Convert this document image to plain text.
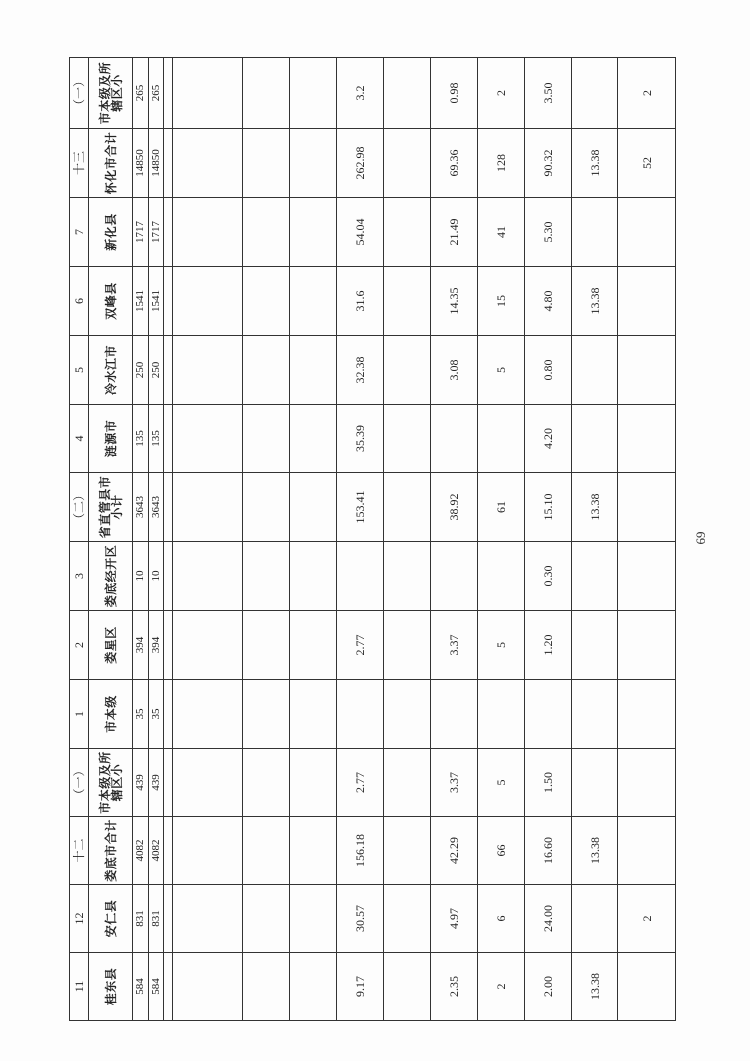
11	12	十二	（一）	1	2	3	（二）	4	5	6	7	十三	（一）
桂东县	安仁县	娄底市合计	市本级及所辖区小	市本级	娄星区	娄底经开区	省直管县市小计	涟源市	冷水江市	双峰县	新化县	怀化市合计	市本级及所辖区小
584	831	4082	439	35	394	10	3643	135	250	1541	1717	14850	265
584	831	4082	439	35	394	10	3643	135	250	1541	1717	14850	265

9.17	30.57	156.18	2.77		2.77		153.41	35.39	32.38	31.6	54.04	262.98	3.2

2.35	4.97	42.29	3.37		3.37		38.92		3.08	14.35	21.49	69.36	0.98
2	6	66	5		5		61		5	15	41	128	2
2.00	24.00	16.60	1.50		1.20	0.30	15.10	4.20	0.80	4.80	5.30	90.32	3.50
13.38		13.38					13.38			13.38		13.38	
	2											52	2
69
